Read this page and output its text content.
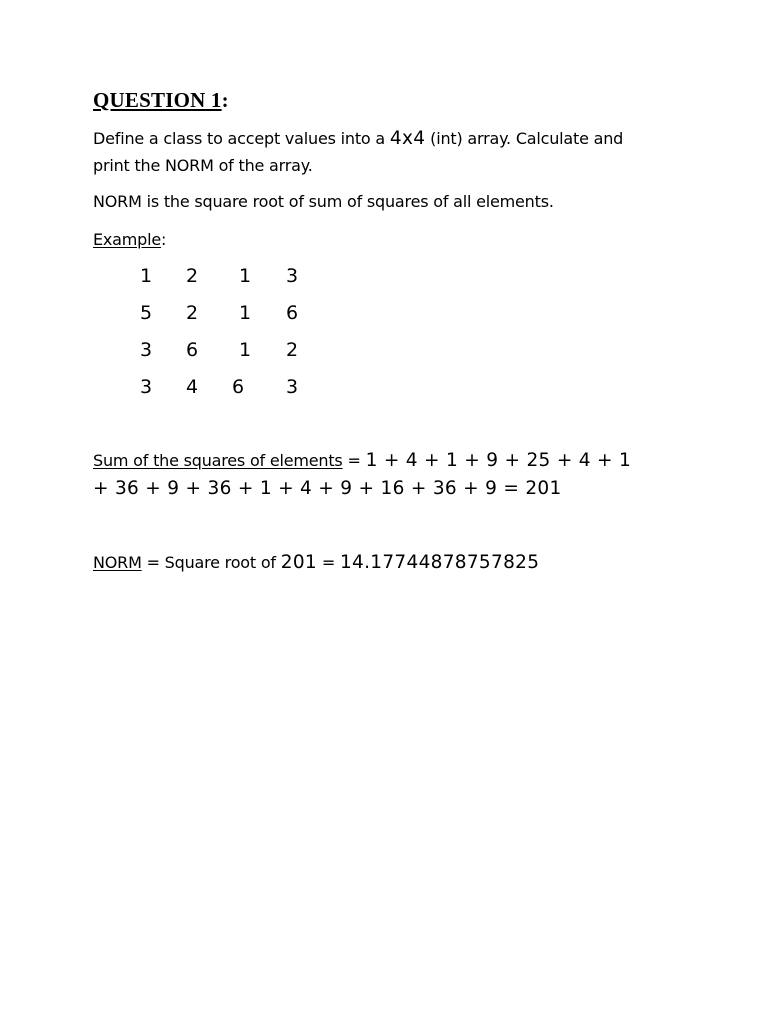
QUESTION 1:
Define a class to accept values into a 4x4 (int) array. Calculate and
print the NORM of the array.
NORM is the square root of sum of squares of all elements.
Example:
1	2	1	3
5	2	1	6
3	6	1	2
3	4	6	3
Sum of the squares of elements = 1 + 4 + 1 + 9 + 25 + 4 + 1
+ 36 + 9 + 36 + 1 + 4 + 9 + 16 + 36 + 9 = 201
NORM = Square root of 201 = 14.17744878757825
